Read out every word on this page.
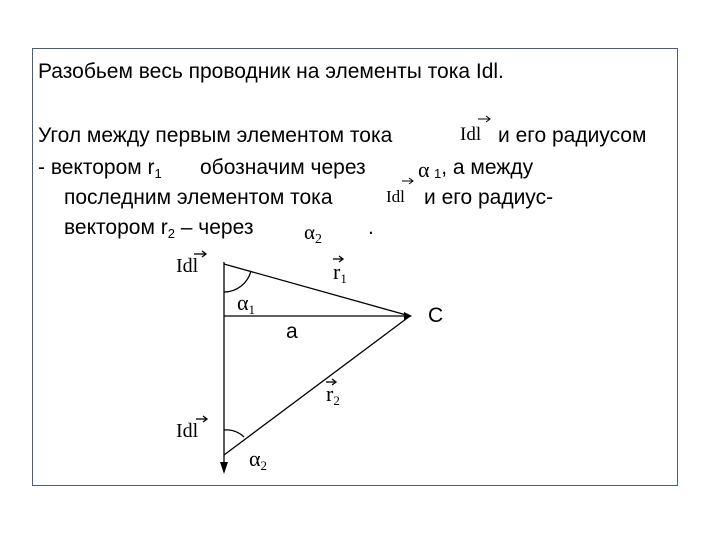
Разобьем весь проводник на элементы тока Idl.
Угол между первым элементом тока	Idl и его радиусом
- вектором $r_1$ обозначим через α $_1$, а между
последним элементом тока	Idl и его радиус-
вектором $r_2$ – через $\alpha_2$
.
Idl
Idl
$r_1$
$r_2$
$\alpha_1$
$\alpha_2$
a
C
